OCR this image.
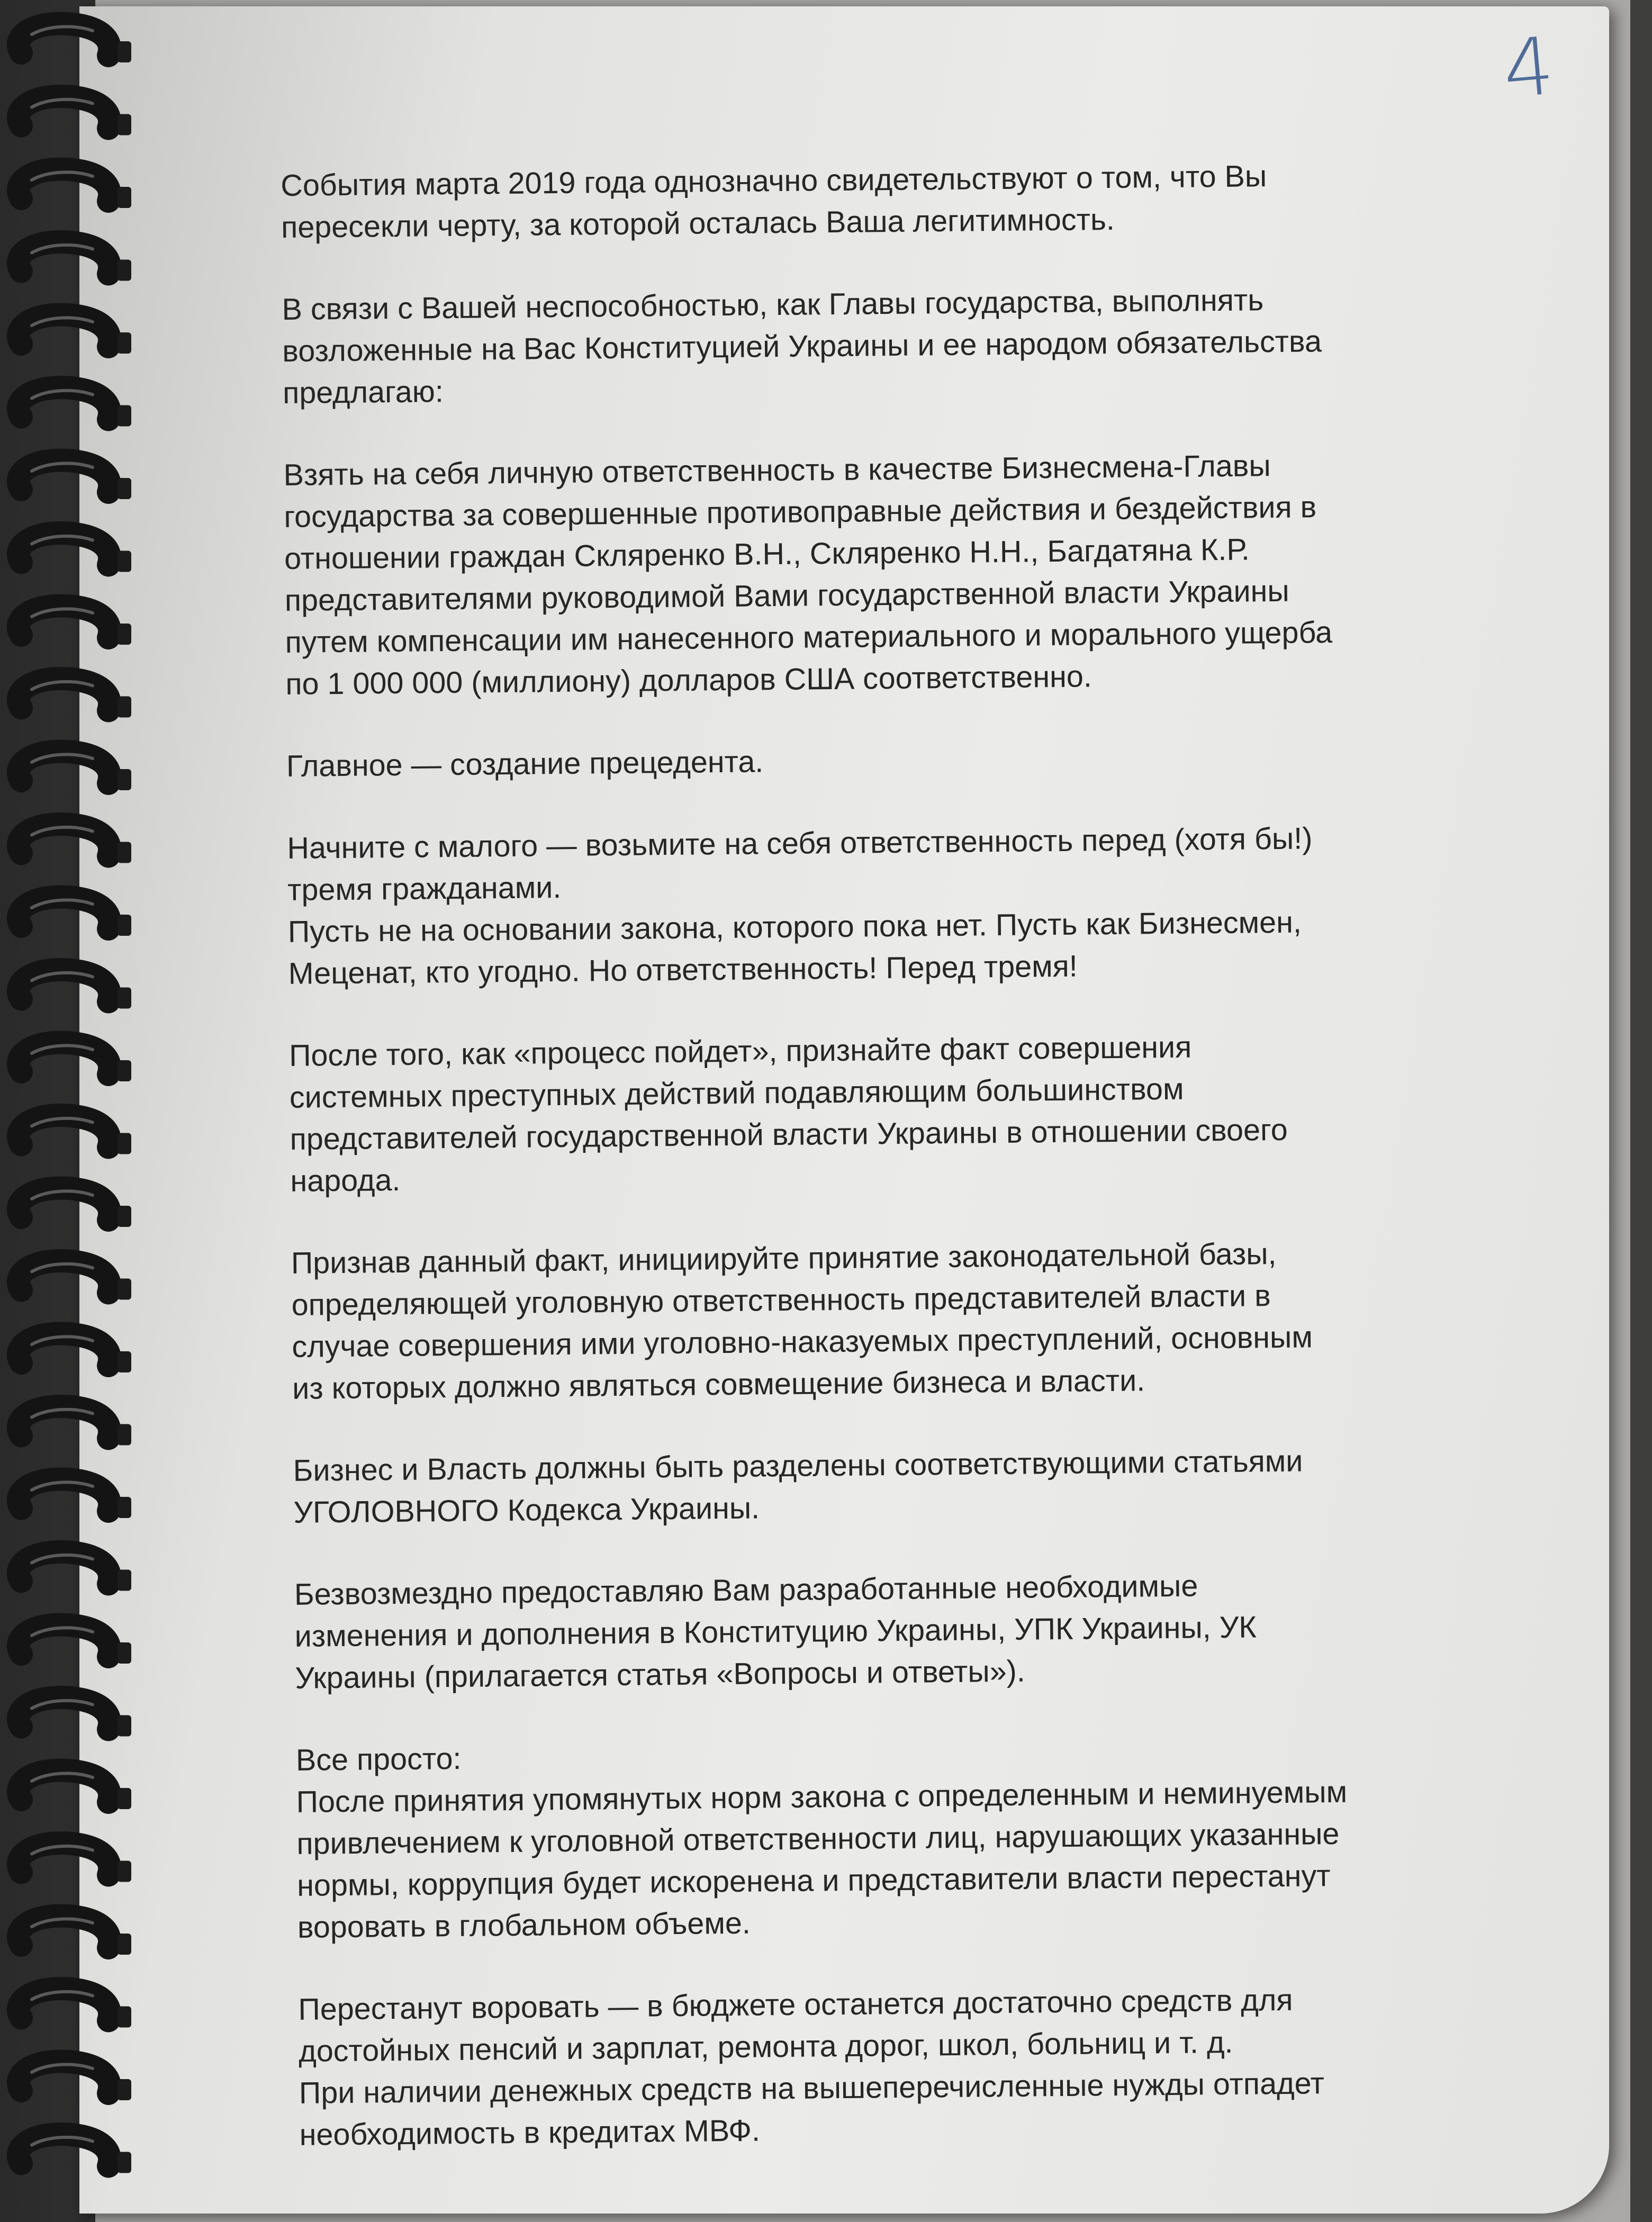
4

События марта 2019 года однозначно свидетельствуют о том, что Вы
пересекли черту, за которой осталась Ваша легитимность.

В связи с Вашей неспособностью, как Главы государства, выполнять
возложенные на Вас Конституцией Украины и ее народом обязательства
предлагаю:

Взять на себя личную ответственность в качестве Бизнесмена-Главы
государства за совершенные противоправные действия и бездействия в
отношении граждан Скляренко В.Н., Скляренко Н.Н., Багдатяна К.Р.
представителями руководимой Вами государственной власти Украины
путем компенсации им нанесенного материального и морального ущерба
по 1 000 000 (миллиону) долларов США соответственно.

Главное — создание прецедента.

Начните с малого — возьмите на себя ответственность перед (хотя бы!)
тремя гражданами.
Пусть не на основании закона, которого пока нет. Пусть как Бизнесмен,
Меценат, кто угодно. Но ответственность! Перед тремя!

После того, как «процесс пойдет», признайте факт совершения
системных преступных действий подавляющим большинством
представителей государственной власти Украины в отношении своего
народа.

Признав данный факт, инициируйте принятие законодательной базы,
определяющей уголовную ответственность представителей власти в
случае совершения ими уголовно-наказуемых преступлений, основным
из которых должно являться совмещение бизнеса и власти.

Бизнес и Власть должны быть разделены соответствующими статьями
УГОЛОВНОГО Кодекса Украины.

Безвозмездно предоставляю Вам разработанные необходимые
изменения и дополнения в Конституцию Украины, УПК Украины, УК
Украины (прилагается статья «Вопросы и ответы»).

Все просто:
После принятия упомянутых норм закона с определенным и неминуемым
привлечением к уголовной ответственности лиц, нарушающих указанные
нормы, коррупция будет искоренена и представители власти перестанут
воровать в глобальном объеме.

Перестанут воровать — в бюджете останется достаточно средств для
достойных пенсий и зарплат, ремонта дорог, школ, больниц и т. д.
При наличии денежных средств на вышеперечисленные нужды отпадет
необходимость в кредитах МВФ.
